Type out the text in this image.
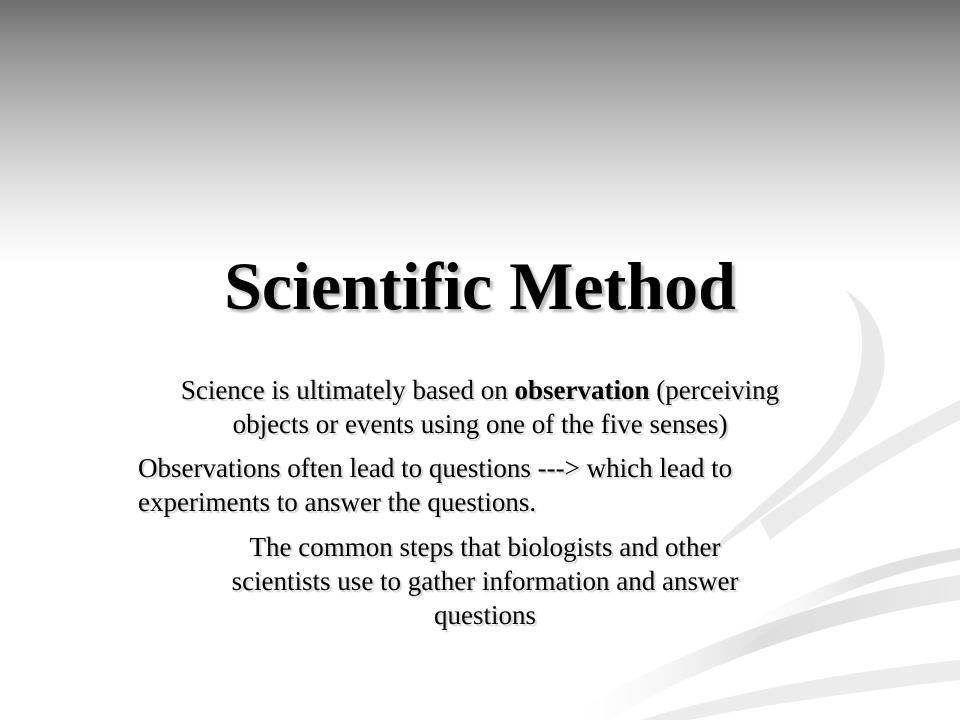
Scientific Method
Science is ultimately based on observation (perceiving objects or events using one of the five senses)
Observations often lead to questions ---> which lead to experiments to answer the questions.
The common steps that biologists and other
scientists use to gather information and answer
questions
